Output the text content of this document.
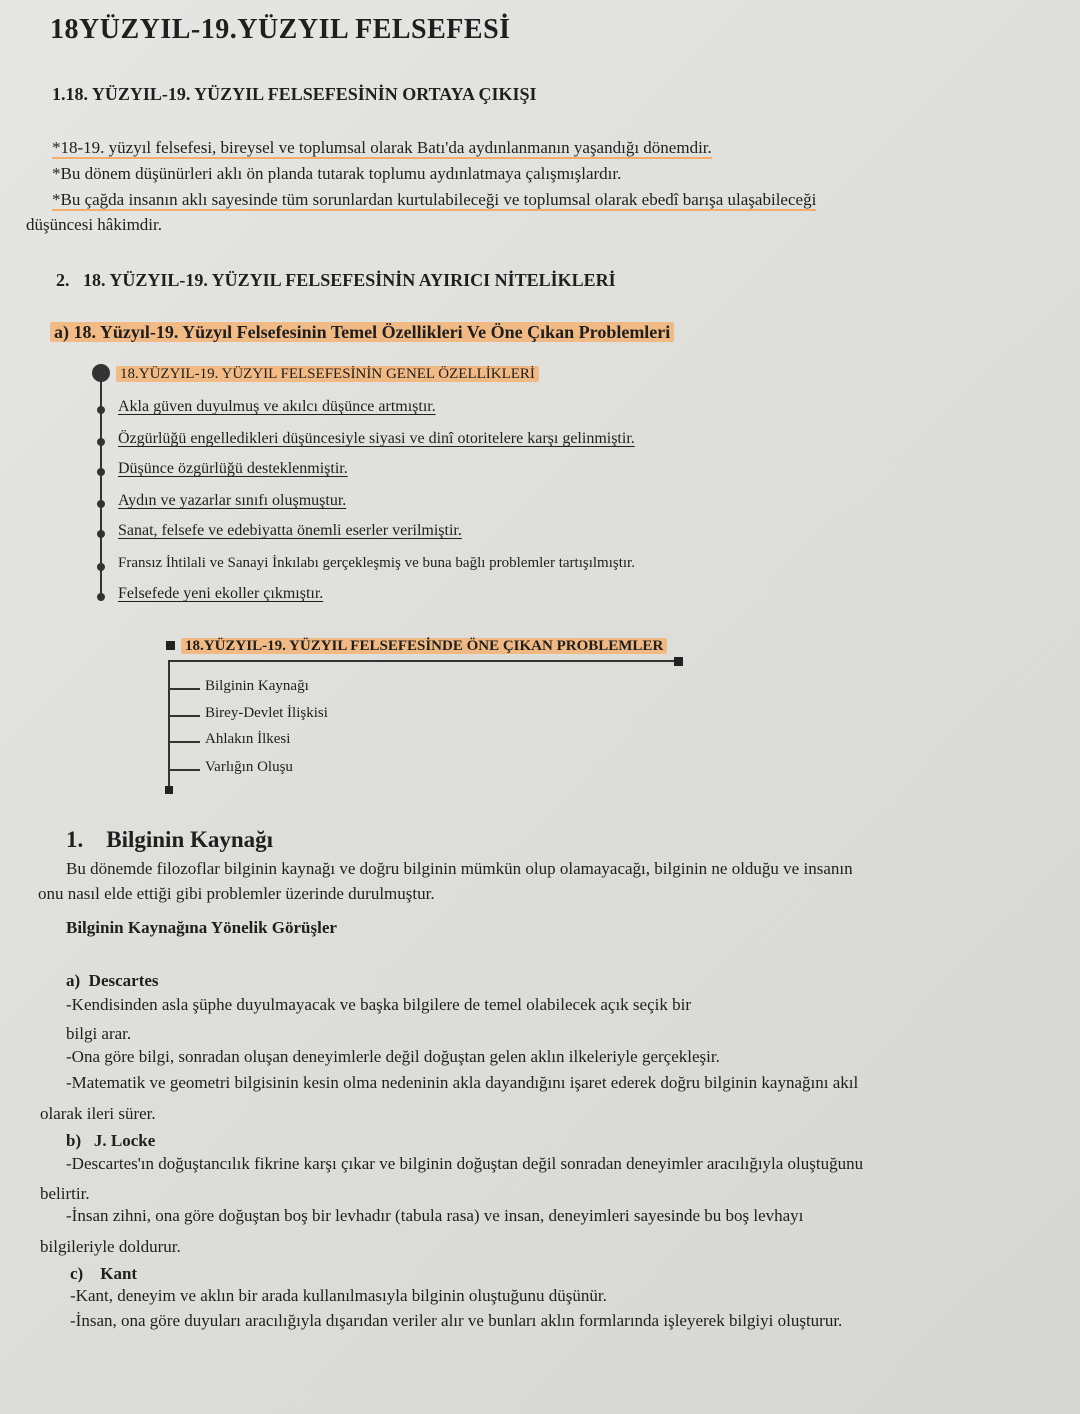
18YÜZYIL-19.YÜZYIL FELSEFESİ
1.18. YÜZYIL-19. YÜZYIL FELSEFESİNİN ORTAYA ÇIKIŞI
*18-19. yüzyıl felsefesi, bireysel ve toplumsal olarak Batı'da aydınlanmanın yaşandığı dönemdir.
*Bu dönem düşünürleri aklı ön planda tutarak toplumu aydınlatmaya çalışmışlardır.
*Bu çağda insanın aklı sayesinde tüm sorunlardan kurtulabileceği ve toplumsal olarak ebedî barışa ulaşabileceği
düşüncesi hâkimdir.
2. 18. YÜZYIL-19. YÜZYIL FELSEFESİNİN AYIRICI NİTELİKLERİ
a) 18. Yüzyıl-19. Yüzyıl Felsefesinin Temel Özellikleri Ve Öne Çıkan Problemleri
18.YÜZYIL-19. YÜZYIL FELSEFESİNİN GENEL ÖZELLİKLERİ
Akla güven duyulmuş ve akılcı düşünce artmıştır.
Özgürlüğü engelledikleri düşüncesiyle siyasi ve dinî otoritelere karşı gelinmiştir.
Düşünce özgürlüğü desteklenmiştir.
Aydın ve yazarlar sınıfı oluşmuştur.
Sanat, felsefe ve edebiyatta önemli eserler verilmiştir.
Fransız İhtilali ve Sanayi İnkılabı gerçekleşmiş ve buna bağlı problemler tartışılmıştır.
Felsefede yeni ekoller çıkmıştır.
18.YÜZYIL-19. YÜZYIL FELSEFESİNDE ÖNE ÇIKAN PROBLEMLER
Bilginin Kaynağı
Birey-Devlet İlişkisi
Ahlakın İlkesi
Varlığın Oluşu
1. Bilginin Kaynağı
Bu dönemde filozoflar bilginin kaynağı ve doğru bilginin mümkün olup olamayacağı, bilginin ne olduğu ve insanın
onu nasıl elde ettiği gibi problemler üzerinde durulmuştur.
Bilginin Kaynağına Yönelik Görüşler
a) Descartes
-Kendisinden asla şüphe duyulmayacak ve başka bilgilere de temel olabilecek açık seçik bir
bilgi arar.
-Ona göre bilgi, sonradan oluşan deneyimlerle değil doğuştan gelen aklın ilkeleriyle gerçekleşir.
-Matematik ve geometri bilgisinin kesin olma nedeninin akla dayandığını işaret ederek doğru bilginin kaynağını akıl
olarak ileri sürer.
b) J. Locke
-Descartes'ın doğuştancılık fikrine karşı çıkar ve bilginin doğuştan değil sonradan deneyimler aracılığıyla oluştuğunu
belirtir.
-İnsan zihni, ona göre doğuştan boş bir levhadır (tabula rasa) ve insan, deneyimleri sayesinde bu boş levhayı
bilgileriyle doldurur.
c) Kant
-Kant, deneyim ve aklın bir arada kullanılmasıyla bilginin oluştuğunu düşünür.
-İnsan, ona göre duyuları aracılığıyla dışarıdan veriler alır ve bunları aklın formlarında işleyerek bilgiyi oluşturur.
